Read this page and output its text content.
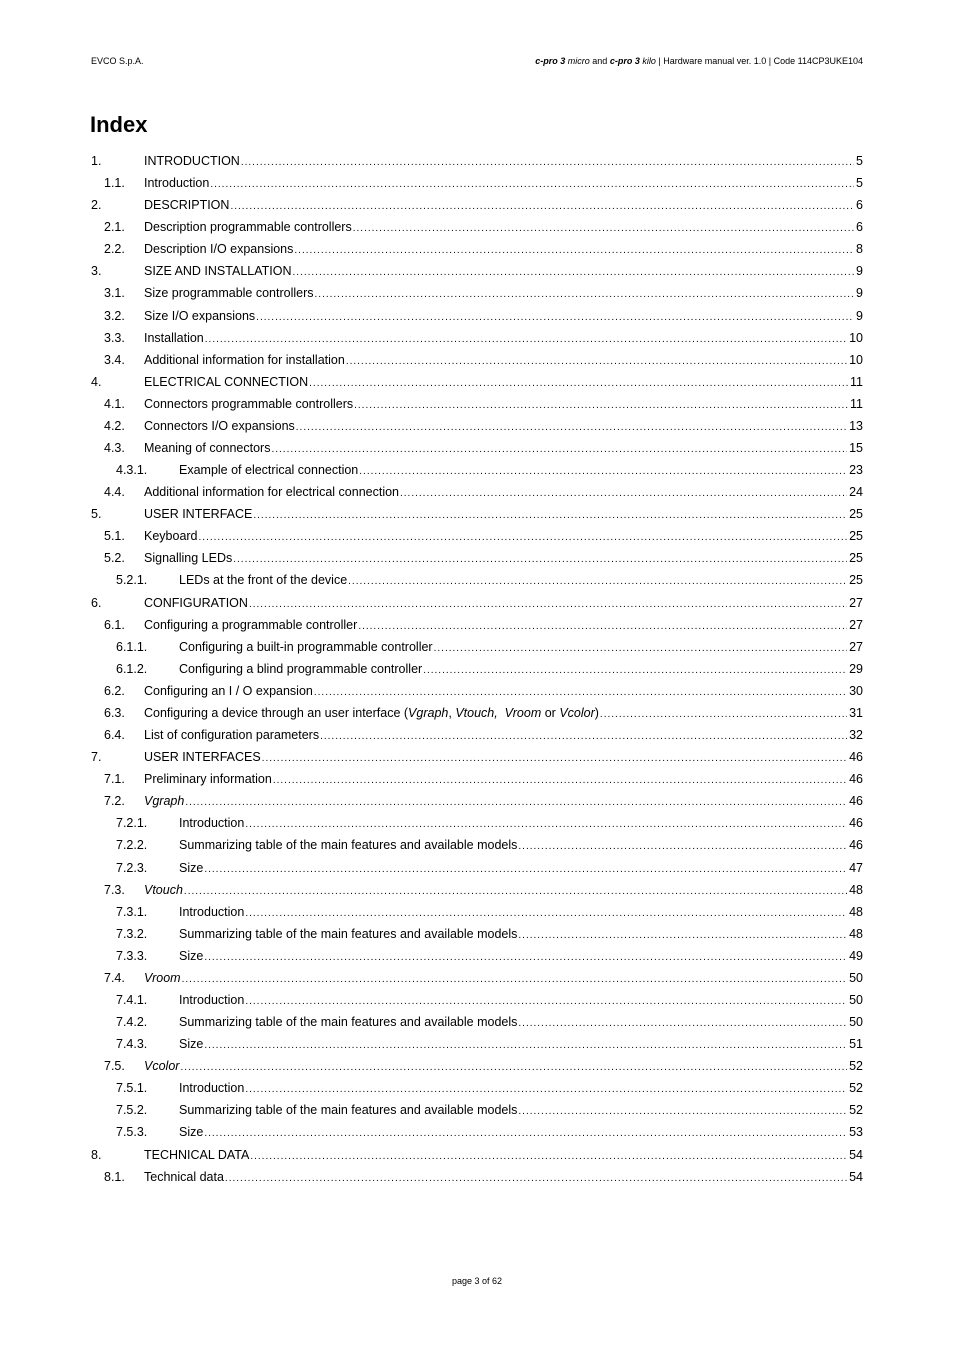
EVCO S.p.A.	c-pro 3 micro and c-pro 3 kilo | Hardware manual ver. 1.0 | Code 114CP3UKE104
Index
1.	INTRODUCTION .....	5
1.1. Introduction .....	5
2.	DESCRIPTION .....	6
2.1. Description programmable controllers .....	6
2.2. Description I/O expansions .....	8
3.	SIZE AND INSTALLATION .....	9
3.1. Size programmable controllers .....	9
3.2. Size I/O expansions .....	9
3.3. Installation .....	10
3.4. Additional information for installation .....	10
4.	ELECTRICAL CONNECTION .....	11
4.1. Connectors programmable controllers .....	11
4.2. Connectors I/O expansions .....	13
4.3. Meaning of connectors .....	15
4.3.1.	Example of electrical connection .....	23
4.4. Additional information for electrical connection .....	24
5.	USER INTERFACE .....	25
5.1. Keyboard .....	25
5.2. Signalling LEDs .....	25
5.2.1.	LEDs at the front of the device .....	25
6.	CONFIGURATION .....	27
6.1. Configuring a programmable controller .....	27
6.1.1.	Configuring a built-in programmable controller .....	27
6.1.2.	Configuring a blind programmable controller .....	29
6.2. Configuring an I / O expansion .....	30
6.3. Configuring a device through an user interface (Vgraph, Vtouch, Vroom or Vcolor) .....	31
6.4. List of configuration parameters .....	32
7.	USER INTERFACES .....	46
7.1. Preliminary information .....	46
7.2. Vgraph .....	46
7.2.1.	Introduction .....	46
7.2.2.	Summarizing table of the main features and available models .....	46
7.2.3.	Size .....	47
7.3. Vtouch .....	48
7.3.1.	Introduction .....	48
7.3.2.	Summarizing table of the main features and available models .....	48
7.3.3.	Size .....	49
7.4. Vroom .....	50
7.4.1.	Introduction .....	50
7.4.2.	Summarizing table of the main features and available models .....	50
7.4.3.	Size .....	51
7.5. Vcolor .....	52
7.5.1.	Introduction .....	52
7.5.2.	Summarizing table of the main features and available models .....	52
7.5.3.	Size .....	53
8.	TECHNICAL DATA .....	54
8.1. Technical data .....	54
page 3 of 62
